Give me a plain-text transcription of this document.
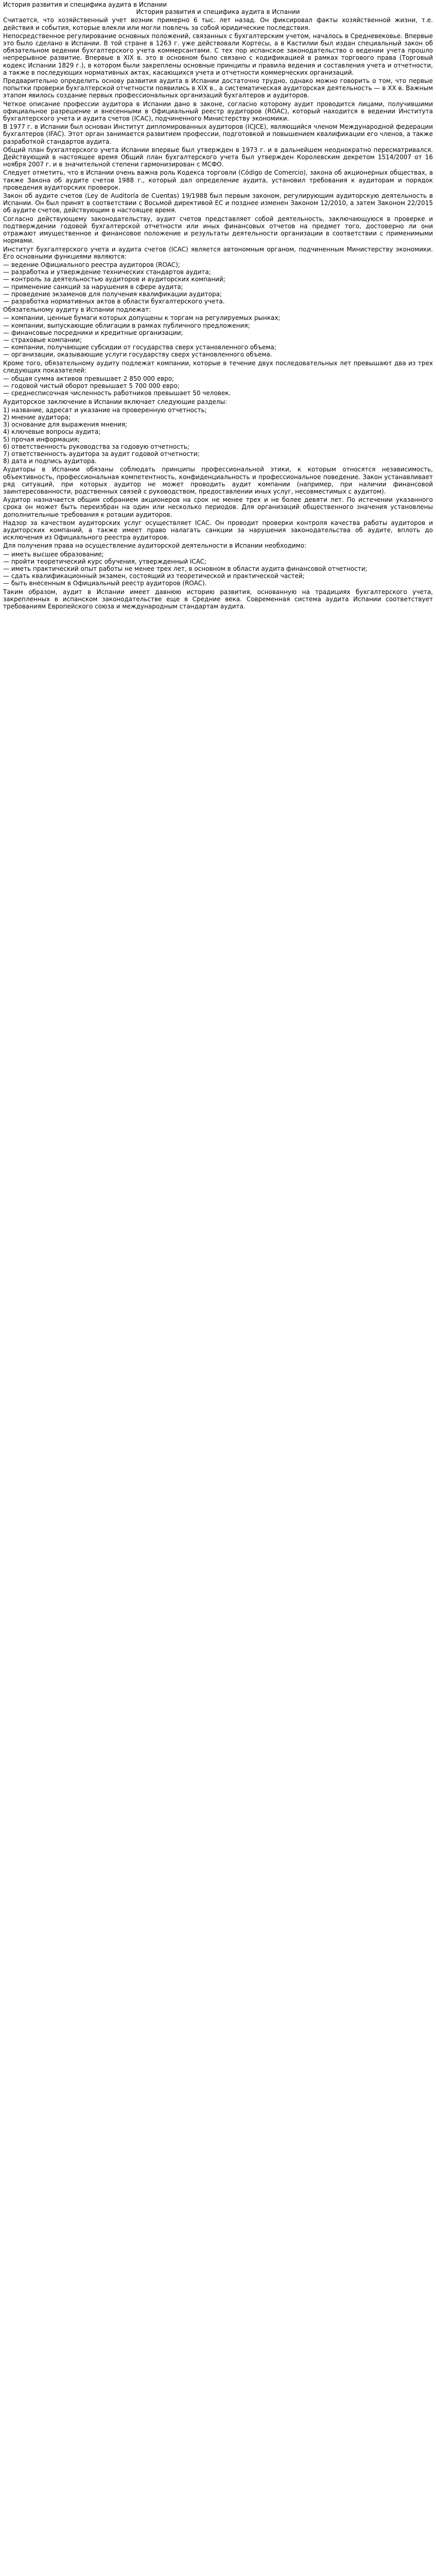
История развития и специфика аудита в Испании
История развития и специфика аудита в Испании

Считается, что хозяйственный учет возник примерно 6 тыс. лет назад. Он фиксировал факты хозяйственной жизни, т.е. действия и события, которые влекли или могли повлечь за собой юридические последствия.

Непосредственное регулирование основных положений, связанных с бухгалтерским учетом, началось в Средневековье. Впервые это было сделано в Испании. В той стране в 1263 г. уже действовали Кортесы, а в Кастилии был издан специальный закон об обязательном ведении бухгалтерского учета коммерсантами. С тех пор испанское законодательство о ведении учета прошло непрерывное развитие. Впервые в XIX в. это в основном было связано с кодификацией в рамках торгового права (Торговый кодекс Испании 1829 г.), в котором были закреплены основные принципы и правила ведения и составления учета и отчетности, а также в последующих нормативных актах, касающихся учета и отчетности коммерческих организаций.

Предварительно определить основу развития аудита в Испании достаточно трудно, однако можно говорить о том, что первые попытки проверки бухгалтерской отчетности появились в XIX в., а систематическая аудиторская деятельность — в XX в. Важным этапом явилось создание первых профессиональных организаций бухгалтеров и аудиторов.

Четкое описание профессии аудитора в Испании дано в законе, согласно которому аудит проводится лицами, получившими официальное разрешение и внесенными в Официальный реестр аудиторов (ROAC), который находится в ведении Института бухгалтерского учета и аудита счетов (ICAC), подчиненного Министерству экономики.

В 1977 г. в Испании был основан Институт дипломированных аудиторов (ICJCE), являющийся членом Международной федерации бухгалтеров (IFAC). Этот орган занимается развитием профессии, подготовкой и повышением квалификации его членов, а также разработкой стандартов аудита.

Общий план бухгалтерского учета Испании впервые был утвержден в 1973 г. и в дальнейшем неоднократно пересматривался. Действующий в настоящее время Общий план бухгалтерского учета был утвержден Королевским декретом 1514/2007 от 16 ноября 2007 г. и в значительной степени гармонизирован с МСФО.

Следует отметить, что в Испании очень важна роль Кодекса торговли (Código de Comercio), закона об акционерных обществах, а также Закона об аудите счетов 1988 г., который дал определение аудита, установил требования к аудиторам и порядок проведения аудиторских проверок.

Закон об аудите счетов (Ley de Auditoría de Cuentas) 19/1988 был первым законом, регулирующим аудиторскую деятельность в Испании. Он был принят в соответствии с Восьмой директивой ЕС и позднее изменен Законом 12/2010, а затем Законом 22/2015 об аудите счетов, действующим в настоящее время.

Согласно действующему законодательству, аудит счетов представляет собой деятельность, заключающуюся в проверке и подтверждении годовой бухгалтерской отчетности или иных финансовых отчетов на предмет того, достоверно ли они отражают имущественное и финансовое положение и результаты деятельности организации в соответствии с применимыми нормами.

Институт бухгалтерского учета и аудита счетов (ICAC) является автономным органом, подчиненным Министерству экономики. Его основными функциями являются:

— ведение Официального реестра аудиторов (ROAC);
— разработка и утверждение технических стандартов аудита;
— контроль за деятельностью аудиторов и аудиторских компаний;
— применение санкций за нарушения в сфере аудита;
— проведение экзаменов для получения квалификации аудитора;
— разработка нормативных актов в области бухгалтерского учета.

Обязательному аудиту в Испании подлежат:

— компании, ценные бумаги которых допущены к торгам на регулируемых рынках;
— компании, выпускающие облигации в рамках публичного предложения;
— финансовые посредники и кредитные организации;
— страховые компании;
— компании, получающие субсидии от государства сверх установленного объема;
— организации, оказывающие услуги государству сверх установленного объема.

Кроме того, обязательному аудиту подлежат компании, которые в течение двух последовательных лет превышают два из трех следующих показателей:

— общая сумма активов превышает 2 850 000 евро;
— годовой чистый оборот превышает 5 700 000 евро;
— среднесписочная численность работников превышает 50 человек.

Аудиторское заключение в Испании включает следующие разделы:

1) название, адресат и указание на проверенную отчетность;
2) мнение аудитора;
3) основание для выражения мнения;
4) ключевые вопросы аудита;
5) прочая информация;
6) ответственность руководства за годовую отчетность;
7) ответственность аудитора за аудит годовой отчетности;
8) дата и подпись аудитора.

Аудиторы в Испании обязаны соблюдать принципы профессиональной этики, к которым относятся независимость, объективность, профессиональная компетентность, конфиденциальность и профессиональное поведение. Закон устанавливает ряд ситуаций, при которых аудитор не может проводить аудит компании (например, при наличии финансовой заинтересованности, родственных связей с руководством, предоставлении иных услуг, несовместимых с аудитом).

Аудитор назначается общим собранием акционеров на срок не менее трех и не более девяти лет. По истечении указанного срока он может быть переизбран на один или несколько периодов. Для организаций общественного значения установлены дополнительные требования к ротации аудиторов.

Надзор за качеством аудиторских услуг осуществляет ICAC. Он проводит проверки контроля качества работы аудиторов и аудиторских компаний, а также имеет право налагать санкции за нарушения законодательства об аудите, вплоть до исключения из Официального реестра аудиторов.

Для получения права на осуществление аудиторской деятельности в Испании необходимо:

— иметь высшее образование;
— пройти теоретический курс обучения, утвержденный ICAC;
— иметь практический опыт работы не менее трех лет, в основном в области аудита финансовой отчетности;
— сдать квалификационный экзамен, состоящий из теоретической и практической частей;
— быть внесенным в Официальный реестр аудиторов (ROAC).

Таким образом, аудит в Испании имеет давнюю историю развития, основанную на традициях бухгалтерского учета, закрепленных в испанском законодательстве еще в Средние века. Современная система аудита Испании соответствует требованиям Европейского союза и международным стандартам аудита.
